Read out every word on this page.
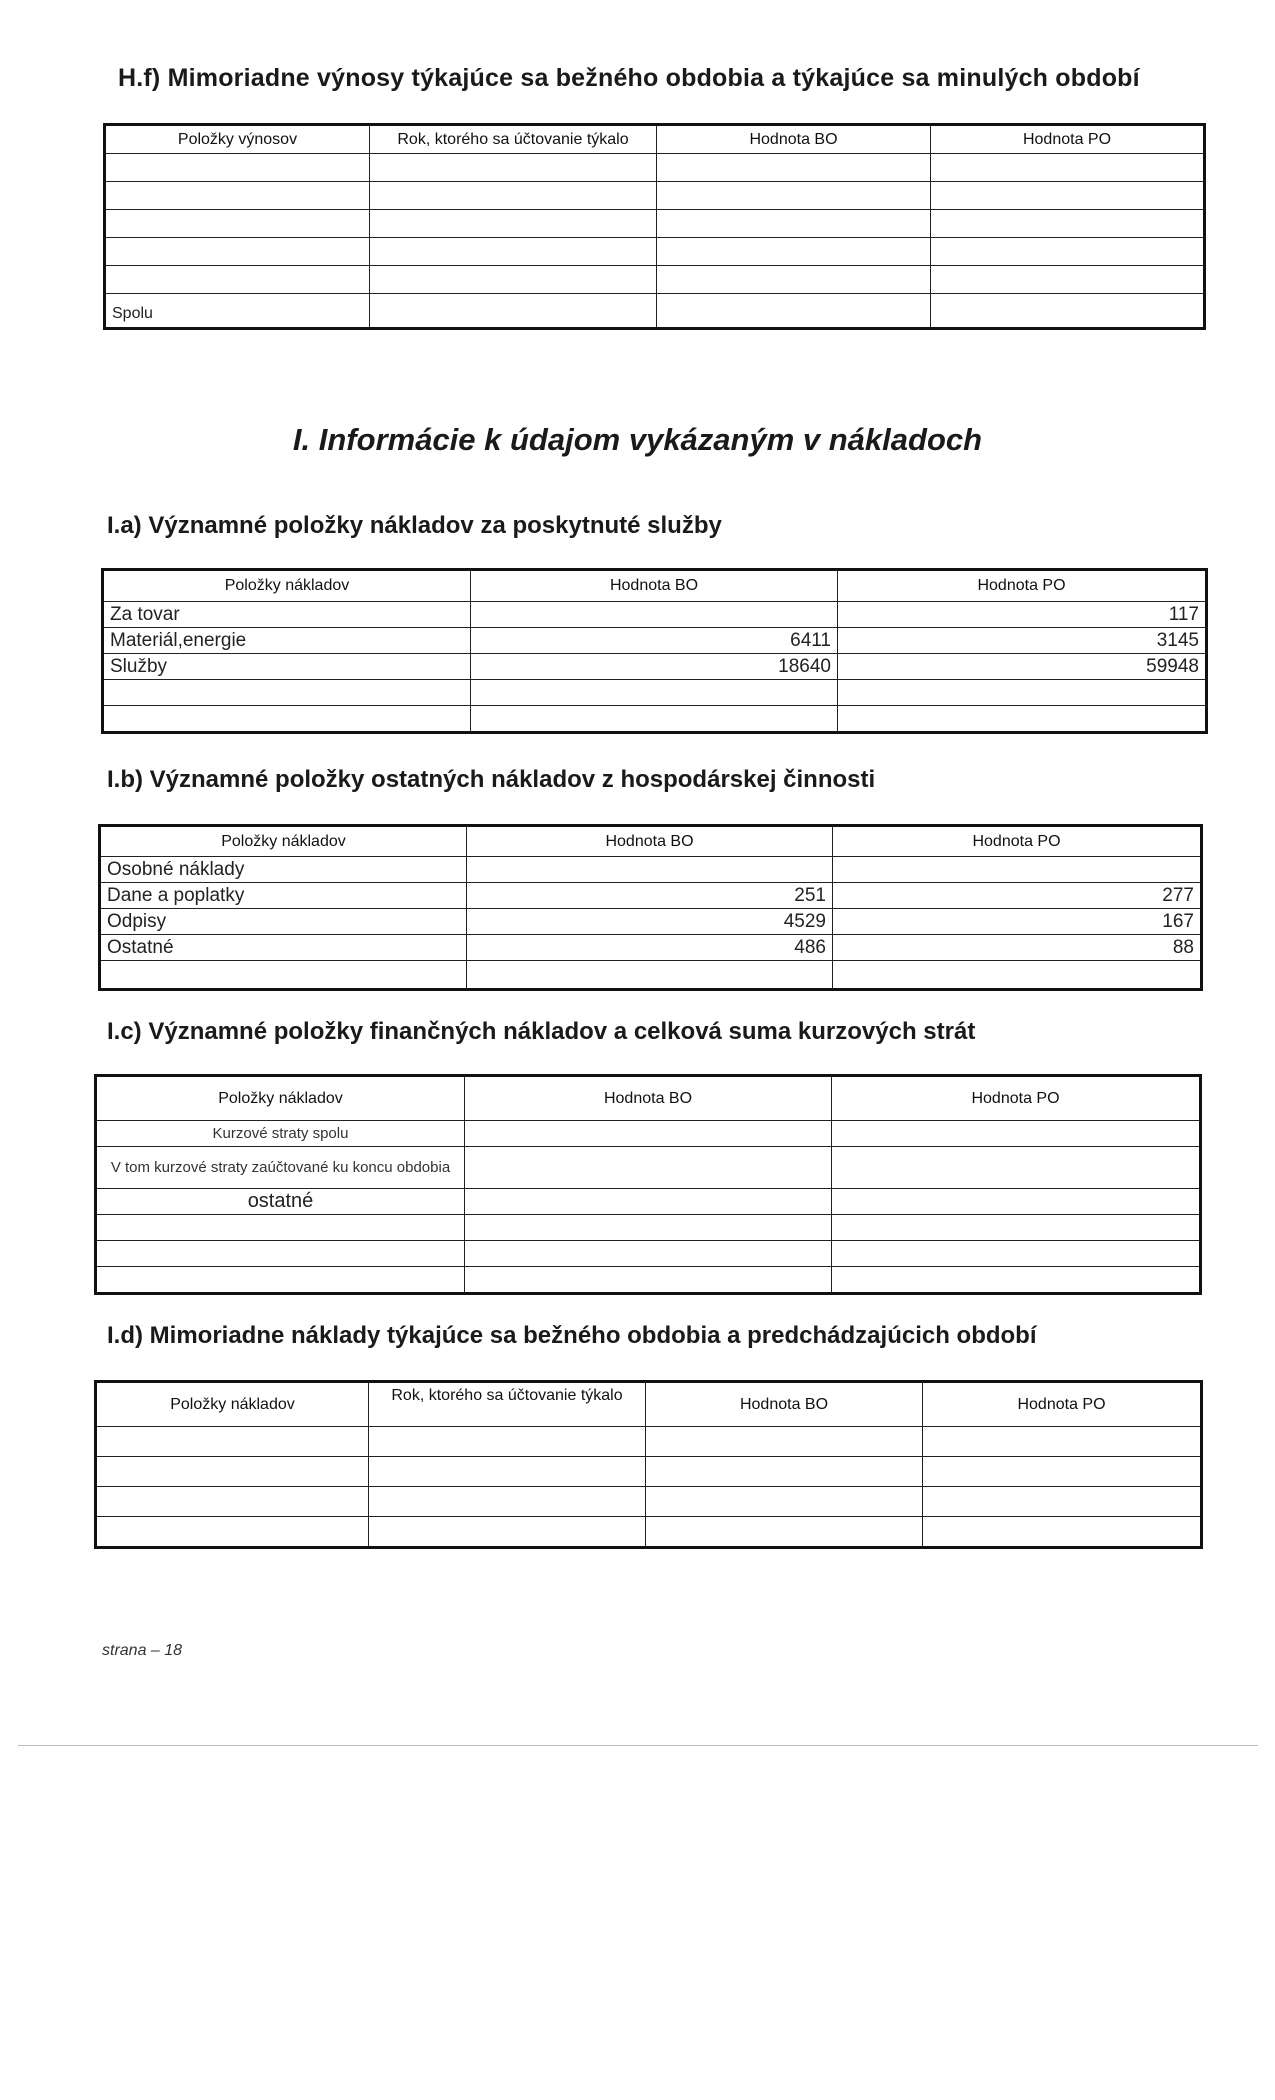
H.f) Mimoriadne výnosy týkajúce sa bežného obdobia a týkajúce sa minulých období
Položky výnosov	Rok, ktorého sa účtovanie týkalo	Hodnota BO	Hodnota PO

Spolu			
I. Informácie k údajom vykázaným v nákladoch
I.a) Významné položky nákladov za poskytnuté služby
Položky nákladov	Hodnota BO	Hodnota PO
Za tovar		117
Materiál,energie	6411	3145
Služby	18640	59948

I.b) Významné položky ostatných nákladov z hospodárskej činnosti
Položky nákladov	Hodnota BO	Hodnota PO
Osobné náklady		
Dane a poplatky	251	277
Odpisy	4529	167
Ostatné	486	88

I.c) Významné položky finančných nákladov a celková suma kurzových strát
Položky nákladov	Hodnota BO	Hodnota PO
Kurzové straty spolu		
V tom kurzové straty zaúčtované ku koncu obdobia		
ostatné		

I.d) Mimoriadne náklady týkajúce sa bežného obdobia a predchádzajúcich období
Položky nákladov	Rok, ktorého sa účtovanie týkalo	Hodnota BO	Hodnota PO

strana – 18
